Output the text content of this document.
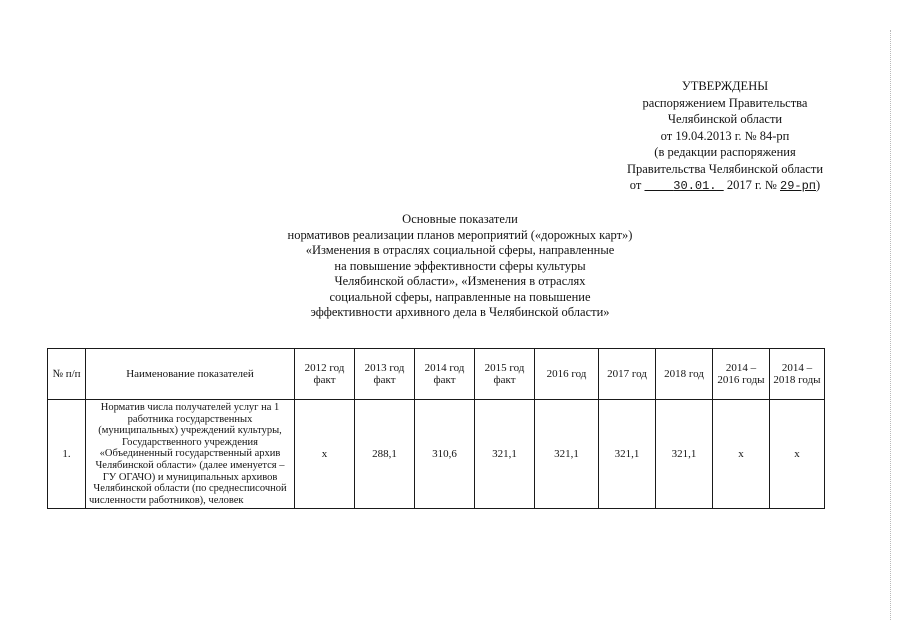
УТВЕРЖДЕНЫ
распоряжением Правительства
Челябинской области
от 19.04.2013 г. № 84-рп
(в редакции распоряжения
Правительства Челябинской области
от	30.01. 2017 г. № 29-рп)
Основные показатели
нормативов реализации планов мероприятий («дорожных карт»)
«Изменения в отраслях социальной сферы, направленные
на повышение эффективности сферы культуры
Челябинской области», «Изменения в отраслях
социальной сферы, направленные на повышение
эффективности архивного дела в Челябинской области»
№ п/п	Наименование показателей	2012 год факт	2013 год факт	2014 год факт	2015 год факт	2016 год	2017 год	2018 год	2014 – 2016 годы	2014 – 2018 годы
1.	Норматив числа получателей услуг на 1 работника государственных (муниципальных) учреждений культуры, Государственного учреждения «Объединенный государственный архив Челябинской области» (далее именуется – ГУ ОГАЧО) и муниципальных архивов Челябинской области (по среднесписочной численности работников), человек	х	288,1	310,6	321,1	321,1	321,1	321,1	х	х
